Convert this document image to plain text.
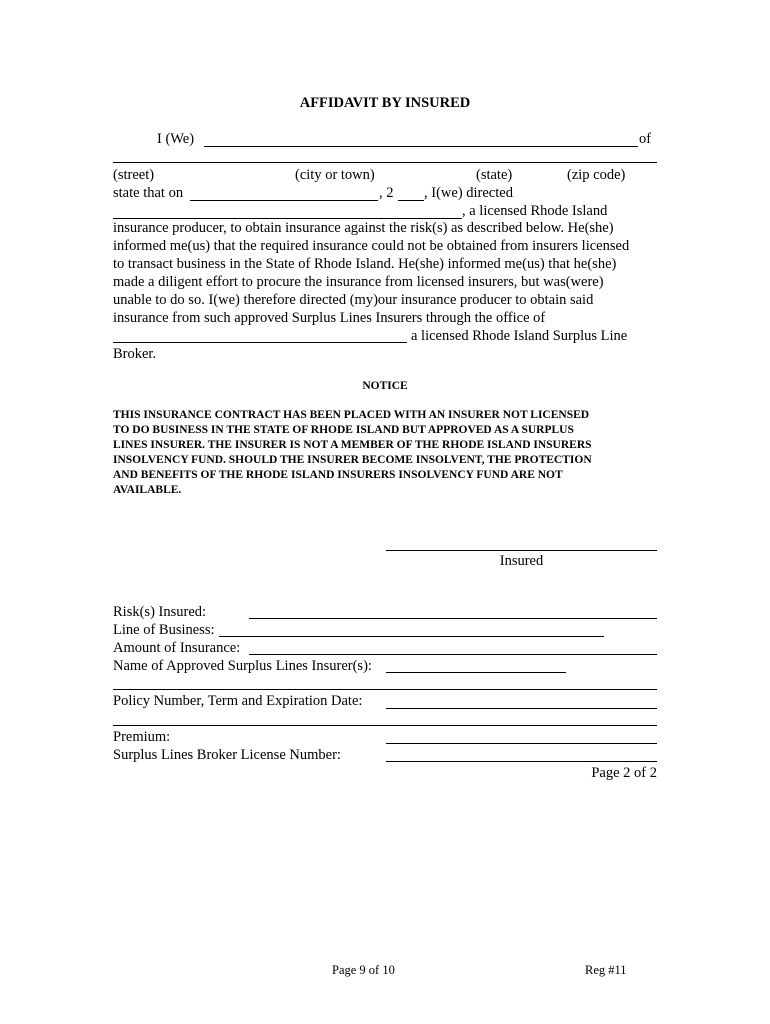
AFFIDAVIT BY INSURED
I (We)	of
(street)	(city or town)	(state)	(zip code)
state that on	, 2 , I(we) directed
, a licensed Rhode Island
insurance producer, to obtain insurance against the risk(s) as described below. He(she)
informed me(us) that the required insurance could not be obtained from insurers licensed
to transact business in the State of Rhode Island. He(she) informed me(us) that he(she)
made a diligent effort to procure the insurance from licensed insurers, but was(were)
unable to do so. I(we) therefore directed (my)our insurance producer to obtain said
insurance from such approved Surplus Lines Insurers through the office of
a licensed Rhode Island Surplus Line
Broker.
NOTICE
THIS INSURANCE CONTRACT HAS BEEN PLACED WITH AN INSURER NOT LICENSED
TO DO BUSINESS IN THE STATE OF RHODE ISLAND BUT APPROVED AS A SURPLUS
LINES INSURER. THE INSURER IS NOT A MEMBER OF THE RHODE ISLAND INSURERS
INSOLVENCY FUND. SHOULD THE INSURER BECOME INSOLVENT, THE PROTECTION
AND BENEFITS OF THE RHODE ISLAND INSURERS INSOLVENCY FUND ARE NOT
AVAILABLE.
Insured
Risk(s) Insured:
Line of Business:
Amount of Insurance:
Name of Approved Surplus Lines Insurer(s):
Policy Number, Term and Expiration Date:
Premium:
Surplus Lines Broker License Number:
Page 2 of 2
Page 9 of 10	Reg #11
